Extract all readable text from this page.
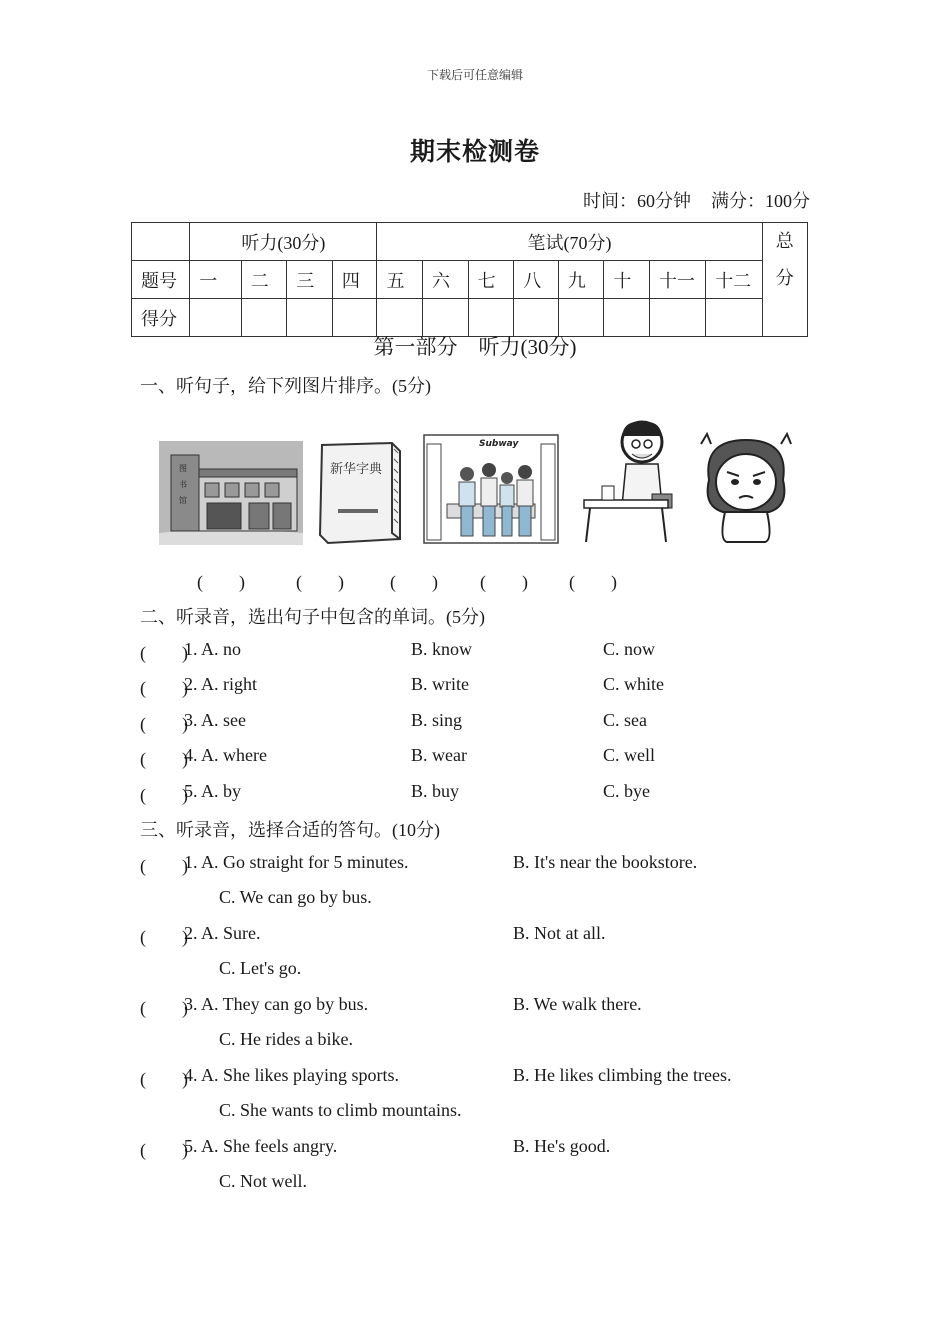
下载后可任意编辑
期末检测卷
时间：60分钟 满分：100分
	听力(30分)				笔试(70分)								总
分

题号	一	二	三	四	五	六	七	八	九	十	十一	十二	
得分													
第一部分　听力(30分)
一、听句子，给下列图片排序。(5分)
图
书
馆
新华字典
Subway
(　　)	(　　)	(　　) (　　) (　　)
二、听录音，选出句子中包含的单词。(5分)
(　　)
1. A. no	B. know	C. now
(　　)
2. A. right	B. write	C. white
(　　)
3. A. see	B. sing	C. sea
(　　)
4. A. where	B. wear	C. well
(　　)
5. A. by	B. buy	C. bye
三、听录音，选择合适的答句。(10分)
(　　)
1. A. Go straight for 5 minutes.	B. It's near the bookstore.
C. We can go by bus.
(　　)
2. A. Sure.	B. Not at all.
C. Let's go.
(　　)
3. A. They can go by bus.	B. We walk there.
C. He rides a bike.
(　　)
4. A. She likes playing sports.	B. He likes climbing the trees.
C. She wants to climb mountains.
(　　)
5. A. She feels angry.	B. He's good.
C. Not well.
